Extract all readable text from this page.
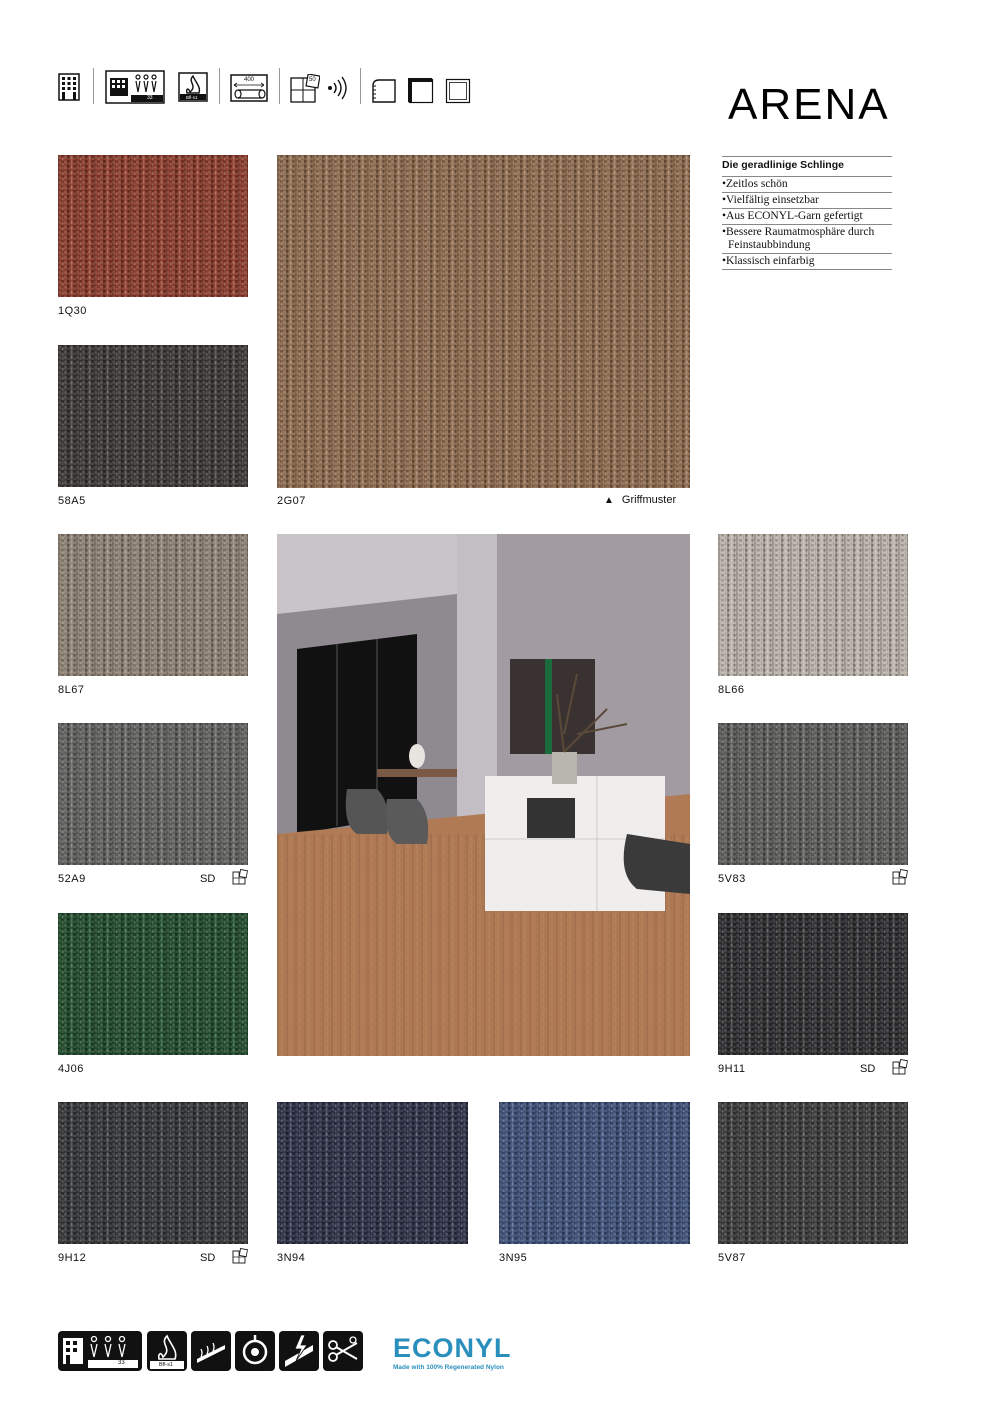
33	Bfl-s1
400	50	ARENA
Die geradlinige Schlinge
•Zeitlos schön
•Vielfältig einsetzbar
•Aus ECONYL-Garn gefertigt
•Bessere Raumatmosphäre durch
Feinstaubbindung
•Klassisch einfarbig
2G07	▲ Griffmuster
1Q30
58A5
8L67
52A9	SD
4J06
9H12	SD	3N94	3N95	5V87
8L66
5V83
9H11	SD
33	Bfl-s1
ECONYL
Made with 100% Regenerated Nylon
